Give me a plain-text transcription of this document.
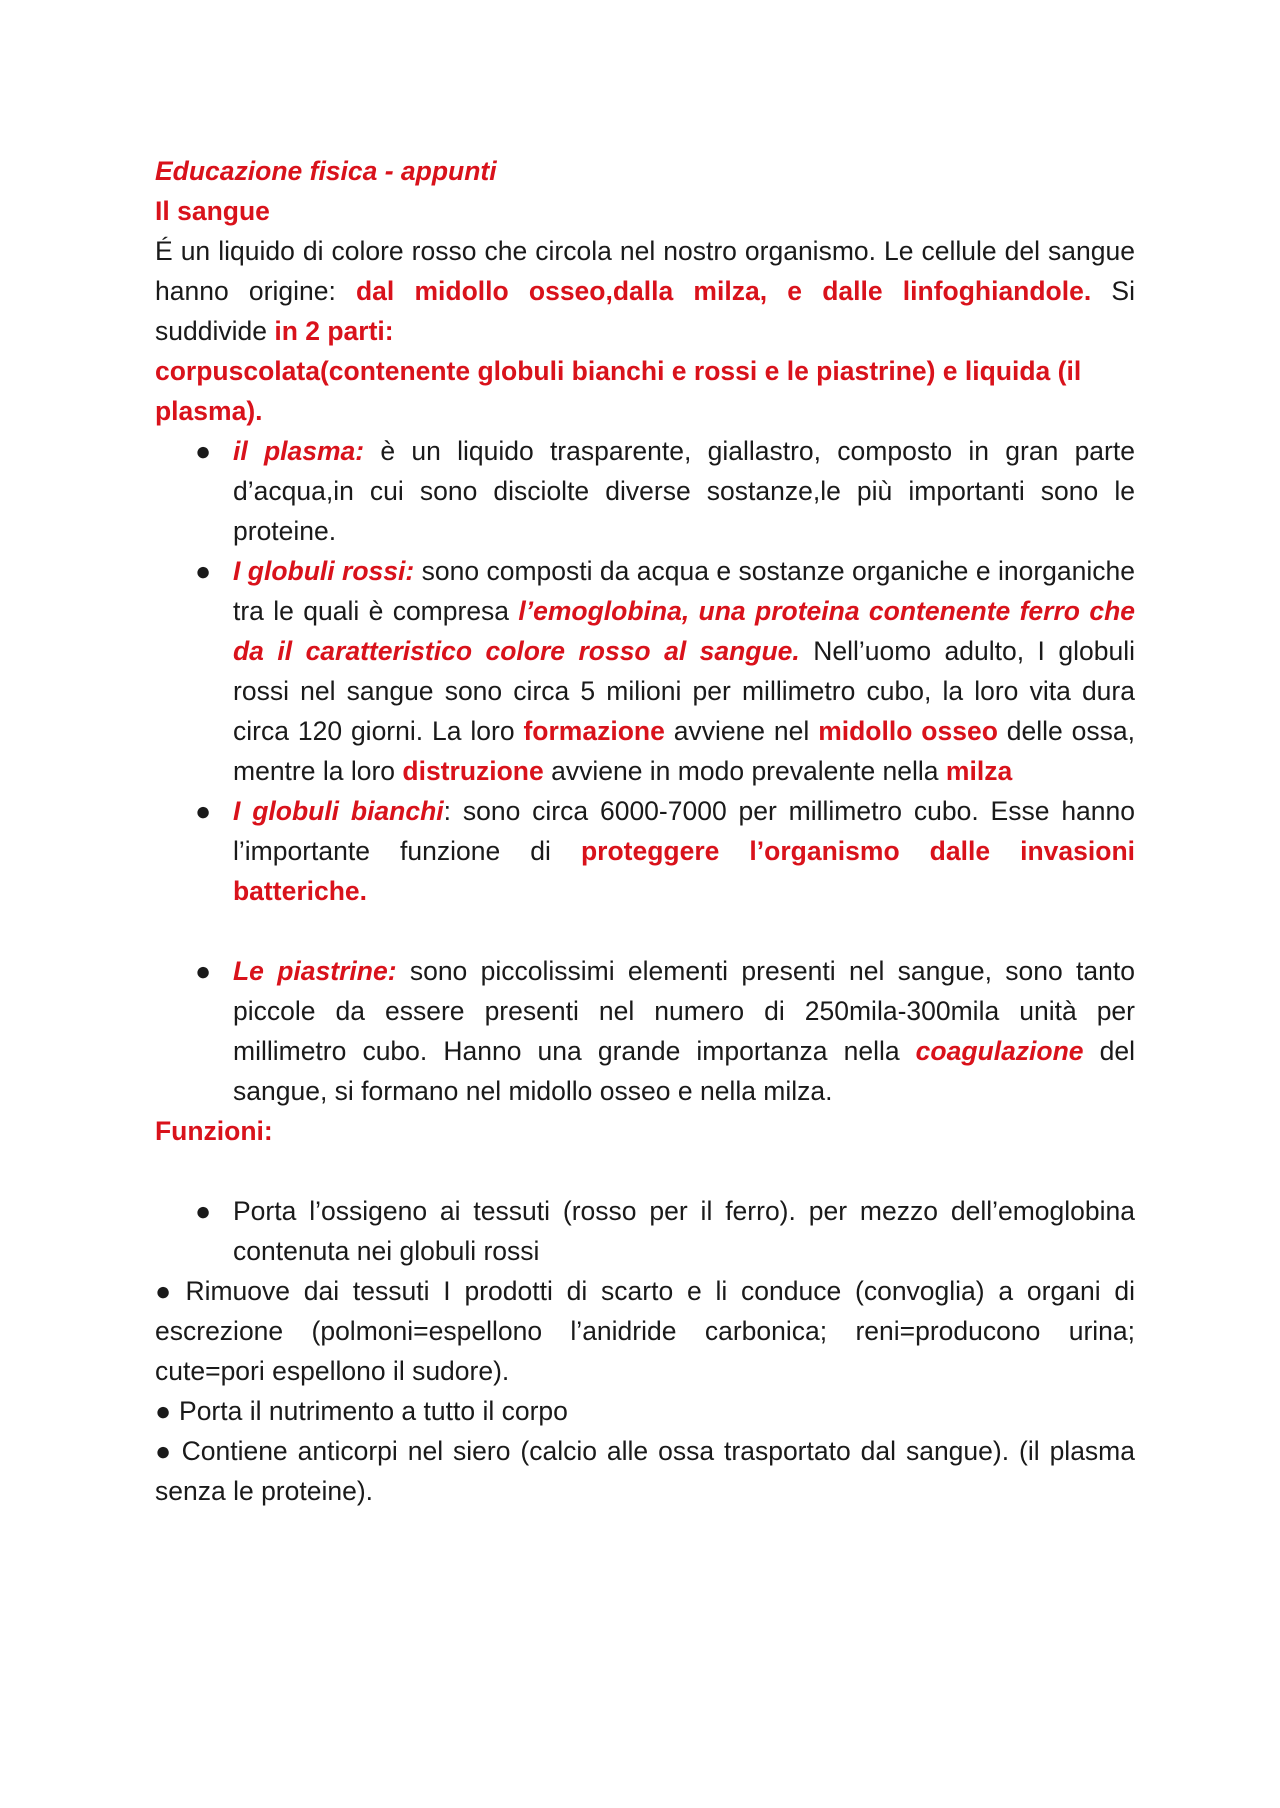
Educazione fisica - appunti

Il sangue

É un liquido di colore rosso che circola nel nostro organismo. Le cellule del sangue hanno origine: dal midollo osseo,dalla milza, e dalle linfoghiandole. Si suddivide in 2 parti:

corpuscolata(contenente globuli bianchi e rossi e le piastrine) e liquida (il plasma).

● il plasma: è un liquido trasparente, giallastro, composto in gran parte d’acqua,in cui sono disciolte diverse sostanze,le più importanti sono le proteine.
● I globuli rossi: sono composti da acqua e sostanze organiche e inorganiche tra le quali è compresa l’emoglobina, una proteina contenente ferro che da il caratteristico colore rosso al sangue. Nell’uomo adulto, I globuli rossi nel sangue sono circa 5 milioni per millimetro cubo, la loro vita dura circa 120 giorni. La loro formazione avviene nel midollo osseo delle ossa, mentre la loro distruzione avviene in modo prevalente nella milza
● I globuli bianchi: sono circa 6000-7000 per millimetro cubo. Esse hanno l’importante funzione di proteggere l’organismo dalle invasioni batteriche.
● Le piastrine: sono piccolissimi elementi presenti nel sangue, sono tanto piccole da essere presenti nel numero di 250mila-300mila unità per millimetro cubo. Hanno una grande importanza nella coagulazione del sangue, si formano nel midollo osseo e nella milza.

Funzioni:

● Porta l’ossigeno ai tessuti (rosso per il ferro). per mezzo dell’emoglobina contenuta nei globuli rossi

● Rimuove dai tessuti I prodotti di scarto e li conduce (convoglia) a organi di escrezione (polmoni=espellono l’anidride carbonica; reni=producono urina; cute=pori espellono il sudore).

● Porta il nutrimento a tutto il corpo

● Contiene anticorpi nel siero (calcio alle ossa trasportato dal sangue). (il plasma senza le proteine).
